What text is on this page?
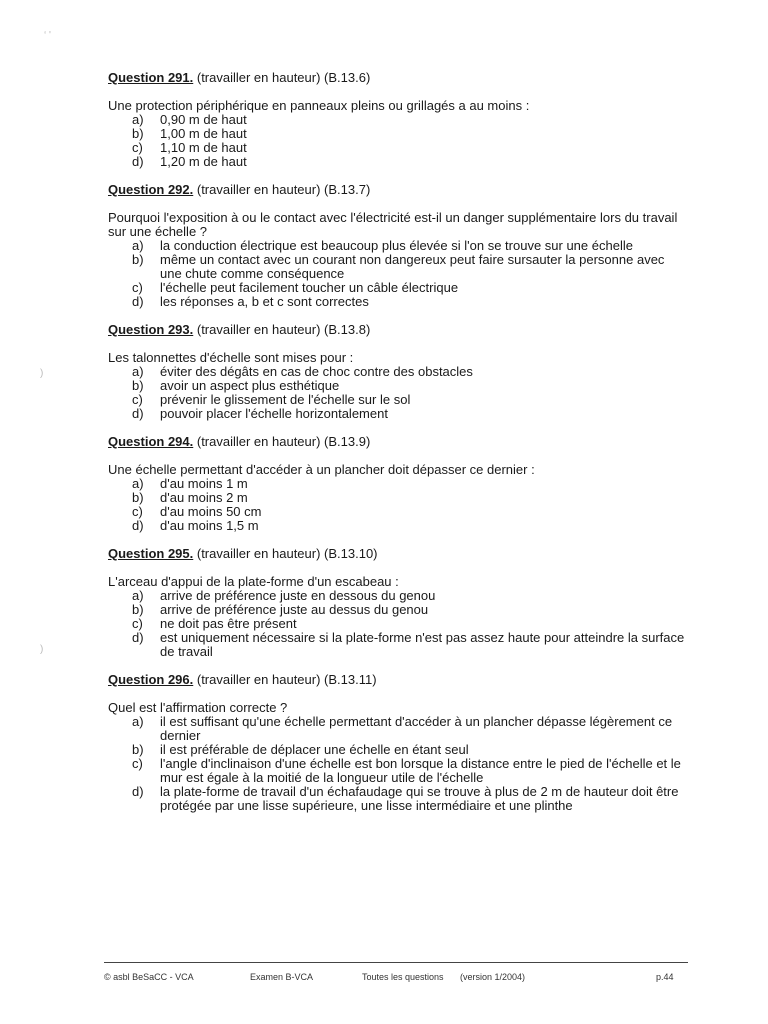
‘ '
)
)

Question 291. (travailler en hauteur) (B.13.6)

Une protection périphérique en panneaux pleins ou grillagés a au moins :

a)	0,90 m de haut
b)	1,00 m de haut
c)	1,10 m de haut
d)	1,20 m de haut

Question 292. (travailler en hauteur) (B.13.7)

Pourquoi l'exposition à ou le contact avec l'électricité est-il un danger supplémentaire lors du travail sur une échelle ?

a)	la conduction électrique est beaucoup plus élevée si l'on se trouve sur une échelle
b)	même un contact avec un courant non dangereux peut faire sursauter la personne avec une chute comme conséquence
c)	l'échelle peut facilement toucher un câble électrique
d)	les réponses a, b et c sont correctes

Question 293. (travailler en hauteur) (B.13.8)

Les talonnettes d'échelle sont mises pour :

a)	éviter des dégâts en cas de choc contre des obstacles
b)	avoir un aspect plus esthétique
c)	prévenir le glissement de l'échelle sur le sol
d)	pouvoir placer l'échelle horizontalement

Question 294. (travailler en hauteur) (B.13.9)

Une échelle permettant d'accéder à un plancher doit dépasser ce dernier :

a)	d'au moins 1 m
b)	d'au moins 2 m
c)	d'au moins 50 cm
d)	d'au moins 1,5 m

Question 295. (travailler en hauteur) (B.13.10)

L'arceau d'appui de la plate-forme d'un escabeau :

a)	arrive de préférence juste en dessous du genou
b)	arrive de préférence juste au dessus du genou
c)	ne doit pas être présent
d)	est uniquement nécessaire si la plate-forme n'est pas assez haute pour atteindre la surface de travail

Question 296. (travailler en hauteur) (B.13.11)

Quel est l'affirmation correcte ?

a)	il est suffisant qu'une échelle permettant d'accéder à un plancher dépasse légèrement ce dernier
b)	il est préférable de déplacer une échelle en étant seul
c)	l'angle d'inclinaison d'une échelle est bon lorsque la distance entre le pied de l'échelle et le mur est égale à la moitié de la longueur utile de l'échelle
d)	la plate-forme de travail d'un échafaudage qui se trouve à plus de 2 m de hauteur doit être protégée par une lisse supérieure, une lisse intermédiaire et une plinthe
© asbl BeSaCC - VCA	Examen B-VCA	Toutes les questions (version 1/2004)	p.44
